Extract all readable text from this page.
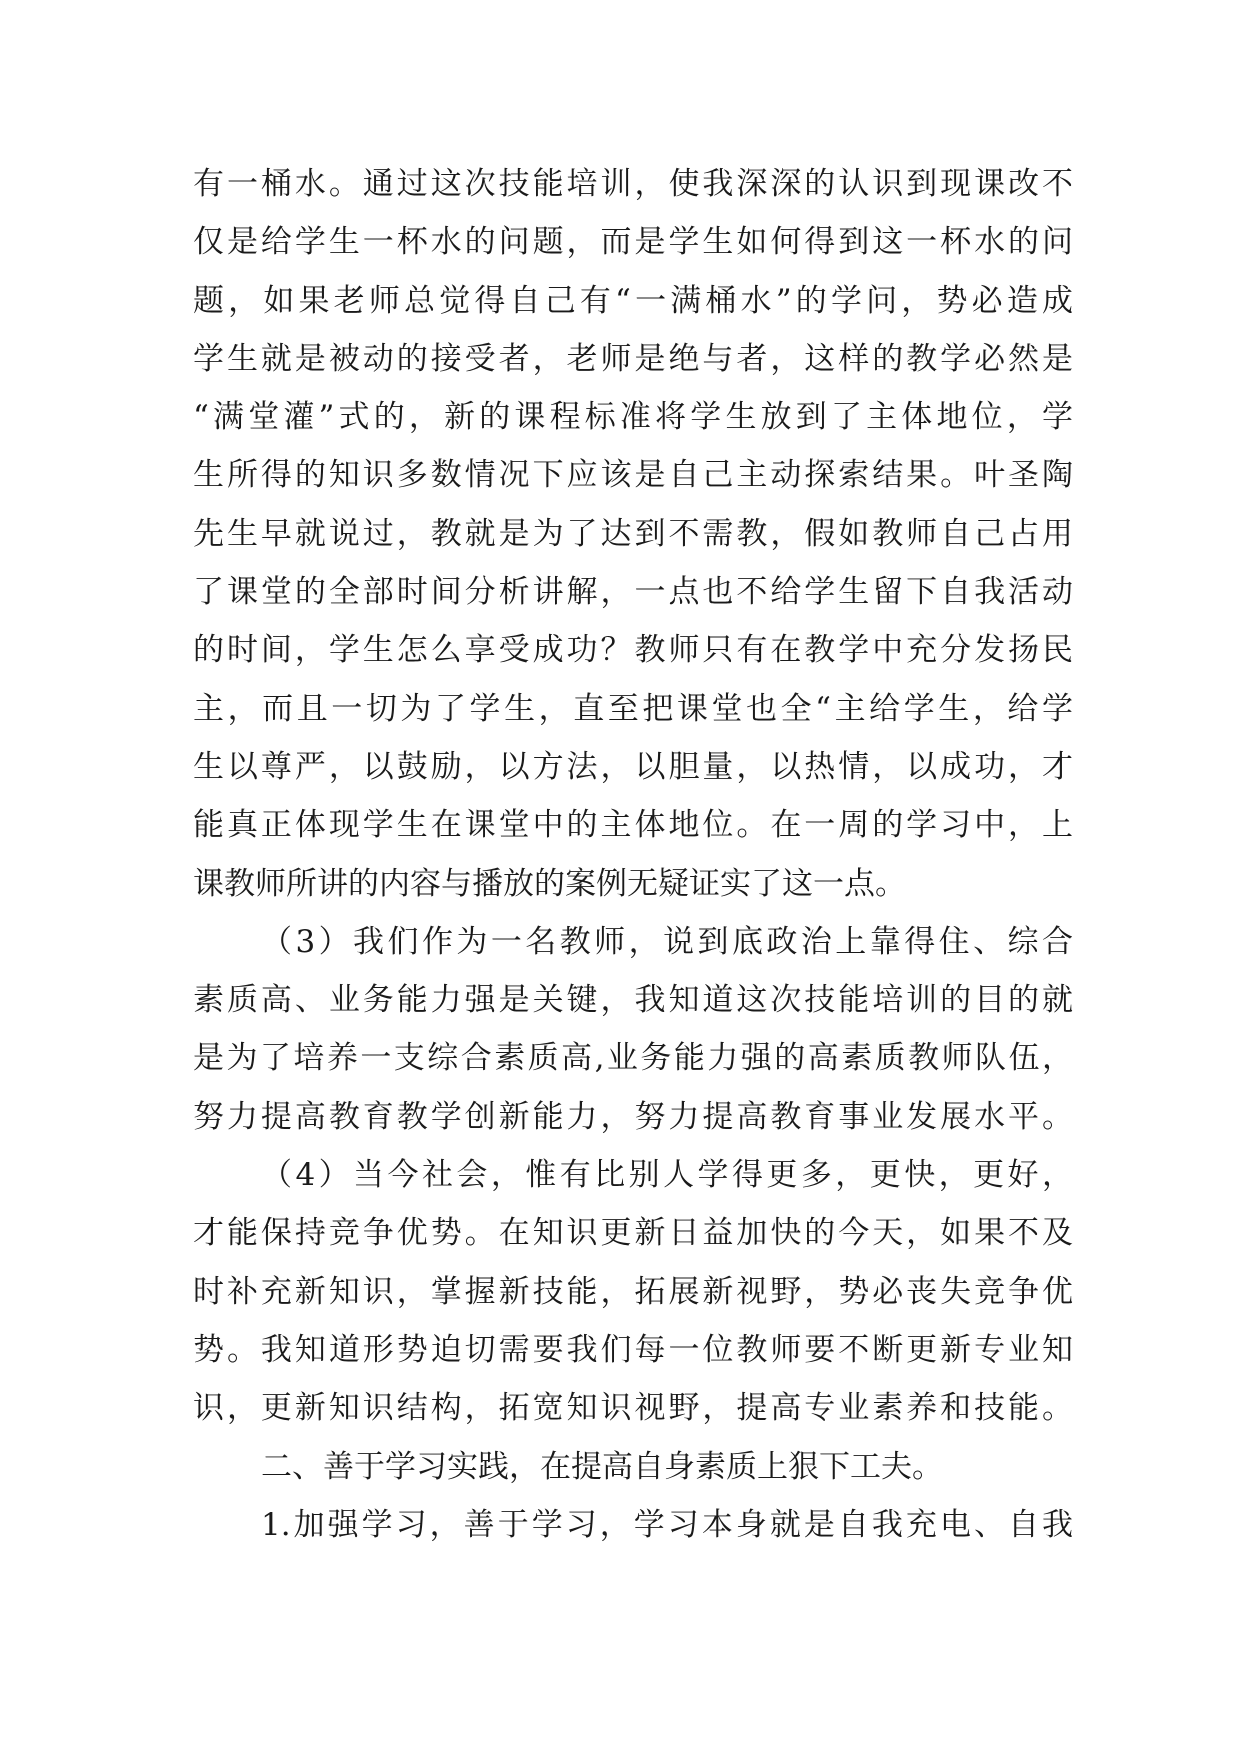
有一桶水。通过这次技能培训，使我深深的认识到现课改不
仅是给学生一杯水的问题，而是学生如何得到这一杯水的问
题，如果老师总觉得自己有“一满桶水”的学问，势必造成
学生就是被动的接受者，老师是绝与者，这样的教学必然是
“满堂灌”式的，新的课程标准将学生放到了主体地位，学
生所得的知识多数情况下应该是自己主动探索结果。叶圣陶
先生早就说过，教就是为了达到不需教，假如教师自己占用
了课堂的全部时间分析讲解，一点也不给学生留下自我活动
的时间，学生怎么享受成功？教师只有在教学中充分发扬民
主，而且一切为了学生，直至把课堂也全“主给学生，给学
生以尊严，以鼓励，以方法，以胆量，以热情，以成功，才
能真正体现学生在课堂中的主体地位。在一周的学习中，上
课教师所讲的内容与播放的案例无疑证实了这一点。
（3）我们作为一名教师，说到底政治上靠得住、综合
素质高、业务能力强是关键，我知道这次技能培训的目的就
是为了培养一支综合素质高,业务能力强的高素质教师队伍，
努力提高教育教学创新能力，努力提高教育事业发展水平。
（4）当今社会，惟有比别人学得更多，更快，更好，
才能保持竞争优势。在知识更新日益加快的今天，如果不及
时补充新知识，掌握新技能，拓展新视野，势必丧失竞争优
势。我知道形势迫切需要我们每一位教师要不断更新专业知
识，更新知识结构，拓宽知识视野，提高专业素养和技能。
二、善于学习实践，在提高自身素质上狠下工夫。
1.加强学习，善于学习，学习本身就是自我充电、自我
